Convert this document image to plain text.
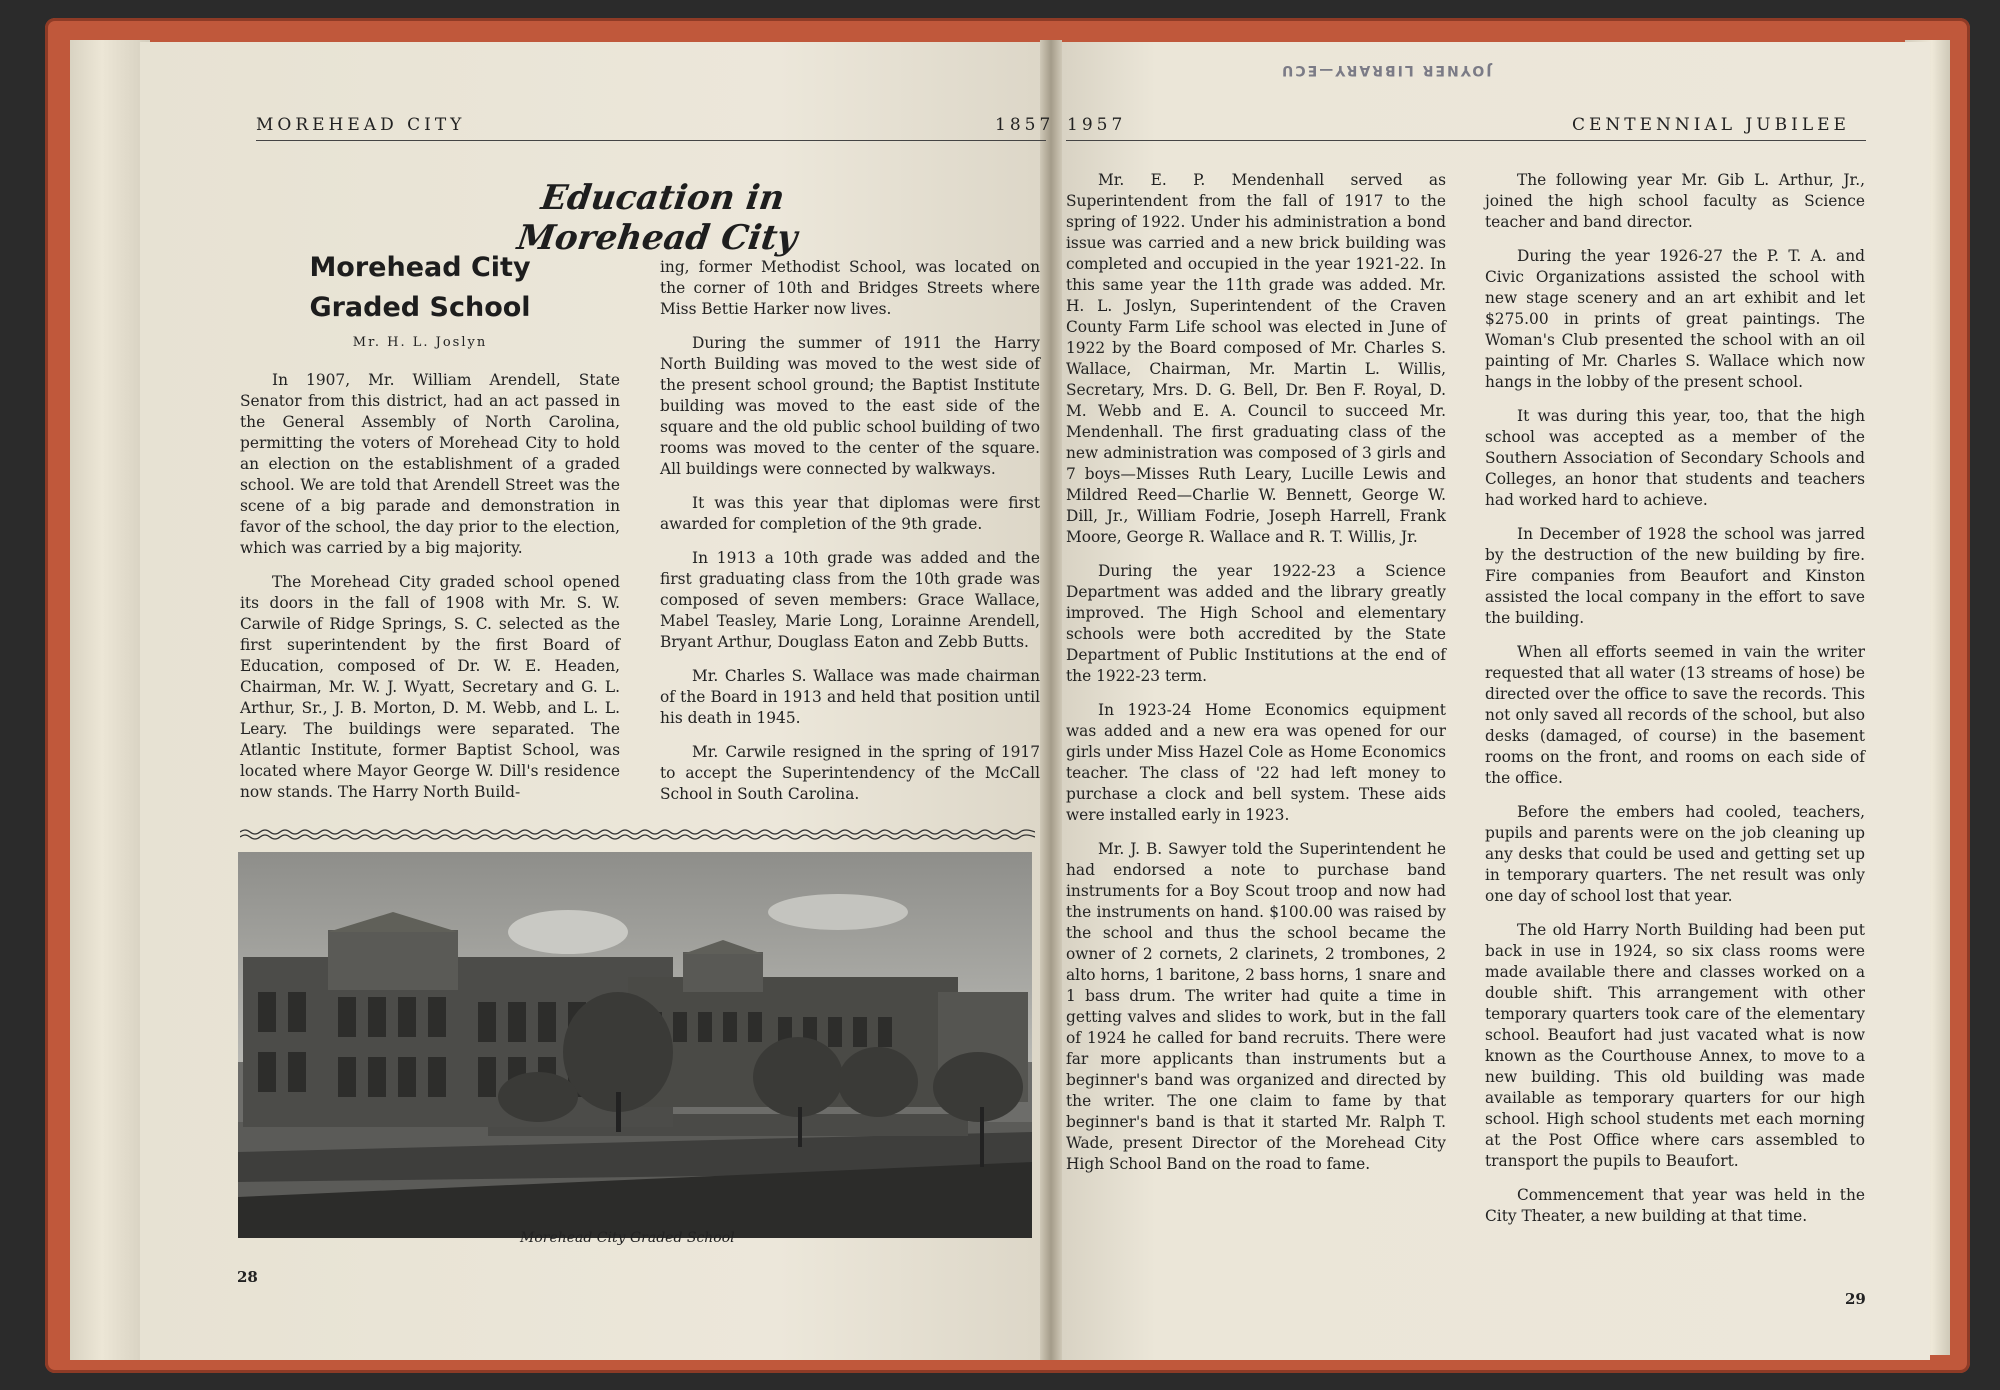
JOYNER LIBRARY—ECU
MOREHEAD CITY	1857 1957	CENTENNIAL JUBILEE
Education in Morehead City
Morehead City Graded School
Mr. H. L. Joslyn

In 1907, Mr. William Arendell, State Senator from this district, had an act passed in the General Assembly of North Carolina, permitting the voters of Morehead City to hold an election on the establishment of a graded school. We are told that Arendell Street was the scene of a big parade and demonstration in favor of the school, the day prior to the election, which was carried by a big majority.

The Morehead City graded school opened its doors in the fall of 1908 with Mr. S. W. Carwile of Ridge Springs, S. C. selected as the first superintendent by the first Board of Education, composed of Dr. W. E. Headen, Chairman, Mr. W. J. Wyatt, Secretary and G. L. Arthur, Sr., J. B. Morton, D. M. Webb, and L. L. Leary. The buildings were separated. The Atlantic Institute, former Baptist School, was located where Mayor George W. Dill's residence now stands. The Harry North Build-

ing, former Methodist School, was located on the corner of 10th and Bridges Streets where Miss Bettie Harker now lives.

During the summer of 1911 the Harry North Building was moved to the west side of the present school ground; the Baptist Institute building was moved to the east side of the square and the old public school building of two rooms was moved to the center of the square. All buildings were connected by walkways.

It was this year that diplomas were first awarded for completion of the 9th grade.

In 1913 a 10th grade was added and the first graduating class from the 10th grade was composed of seven members: Grace Wallace, Mabel Teasley, Marie Long, Lorainne Arendell, Bryant Arthur, Douglass Eaton and Zebb Butts.

Mr. Charles S. Wallace was made chairman of the Board in 1913 and held that position until his death in 1945.

Mr. Carwile resigned in the spring of 1917 to accept the Superintendency of the McCall School in South Carolina.

Mr. E. P. Mendenhall served as Superintendent from the fall of 1917 to the spring of 1922. Under his administration a bond issue was carried and a new brick building was completed and occupied in the year 1921-22. In this same year the 11th grade was added. Mr. H. L. Joslyn, Superintendent of the Craven County Farm Life school was elected in June of 1922 by the Board composed of Mr. Charles S. Wallace, Chairman, Mr. Martin L. Willis, Secretary, Mrs. D. G. Bell, Dr. Ben F. Royal, D. M. Webb and E. A. Council to succeed Mr. Mendenhall. The first graduating class of the new administration was composed of 3 girls and 7 boys—Misses Ruth Leary, Lucille Lewis and Mildred Reed—Charlie W. Bennett, George W. Dill, Jr., William Fodrie, Joseph Harrell, Frank Moore, George R. Wallace and R. T. Willis, Jr.

During the year 1922-23 a Science Department was added and the library greatly improved. The High School and elementary schools were both accredited by the State Department of Public Institutions at the end of the 1922-23 term.

In 1923-24 Home Economics equipment was added and a new era was opened for our girls under Miss Hazel Cole as Home Economics teacher. The class of '22 had left money to purchase a clock and bell system. These aids were installed early in 1923.

Mr. J. B. Sawyer told the Superintendent he had endorsed a note to purchase band instruments for a Boy Scout troop and now had the instruments on hand. $100.00 was raised by the school and thus the school became the owner of 2 cornets, 2 clarinets, 2 trombones, 2 alto horns, 1 baritone, 2 bass horns, 1 snare and 1 bass drum. The writer had quite a time in getting valves and slides to work, but in the fall of 1924 he called for band recruits. There were far more applicants than instruments but a beginner's band was organized and directed by the writer. The one claim to fame by that beginner's band is that it started Mr. Ralph T. Wade, present Director of the Morehead City High School Band on the road to fame.

The following year Mr. Gib L. Arthur, Jr., joined the high school faculty as Science teacher and band director.

During the year 1926-27 the P. T. A. and Civic Organizations assisted the school with new stage scenery and an art exhibit and let $275.00 in prints of great paintings. The Woman's Club presented the school with an oil painting of Mr. Charles S. Wallace which now hangs in the lobby of the present school.

It was during this year, too, that the high school was accepted as a member of the Southern Association of Secondary Schools and Colleges, an honor that students and teachers had worked hard to achieve.

In December of 1928 the school was jarred by the destruction of the new building by fire. Fire companies from Beaufort and Kinston assisted the local company in the effort to save the building.

When all efforts seemed in vain the writer requested that all water (13 streams of hose) be directed over the office to save the records. This not only saved all records of the school, but also desks (damaged, of course) in the basement rooms on the front, and rooms on each side of the office.

Before the embers had cooled, teachers, pupils and parents were on the job cleaning up any desks that could be used and getting set up in temporary quarters. The net result was only one day of school lost that year.

The old Harry North Building had been put back in use in 1924, so six class rooms were made available there and classes worked on a double shift. This arrangement with other temporary quarters took care of the elementary school. Beaufort had just vacated what is now known as the Courthouse Annex, to move to a new building. This old building was made available as temporary quarters for our high school. High school students met each morning at the Post Office where cars assembled to transport the pupils to Beaufort.

Commencement that year was held in the City Theater, a new building at that time.

Morehead City Graded School
28
29
